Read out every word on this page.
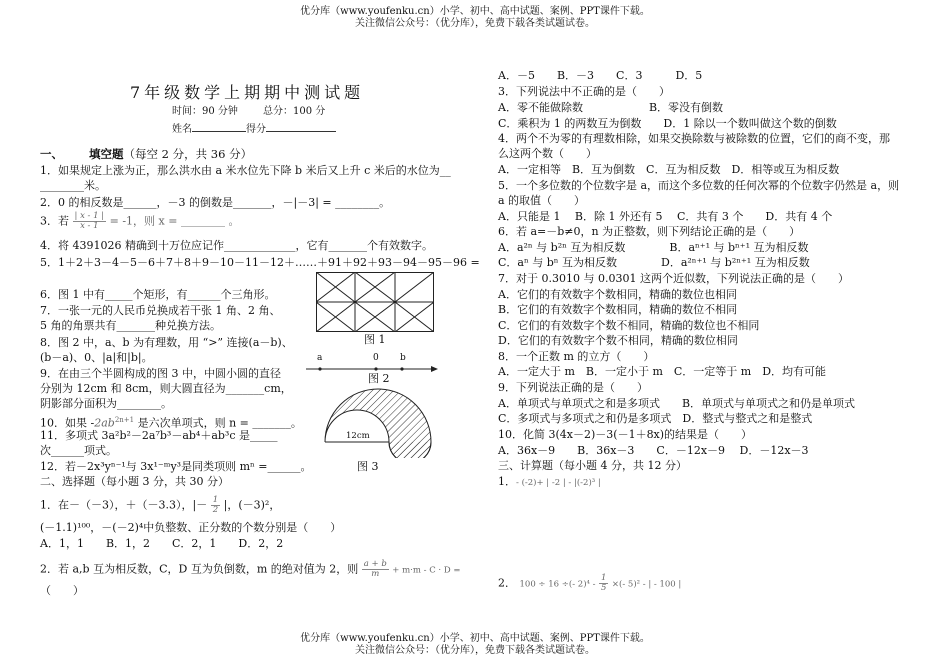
优分库（www.youfenku.cn）小学、初中、高中试题、案例、PPT课件下载。
关注微信公众号：（优分库），免费下载各类试题试卷。
7年级数学上期期中测试题
时间：90 分钟	总分：100 分
姓名	得分
一、 填空题（每空 2 分，共 36 分）
1．如果规定上涨为正，那么洪水由 a 米水位先下降 b 米后又上升 c 米后的水位为__
________米。
2．0 的相反数是______，－3 的倒数是_______，－|－3| = ________。
3．若 $\frac{| x - 1 |}{x - 1} = -1$，则 x = ________ 。
4．将 4391026 精确到十万位应记作_____________，它有_______个有效数字。
5．1＋2＋3－4－5－6＋7＋8＋9－10－11－12＋……＋91＋92＋93－94－95－96 =
6．图 1 中有_____个矩形，有______个三角形。
7．一张一元的人民币兑换成若干张 1 角、2 角、
5 角的角票共有_______种兑换方法。
8．图 2 中，a、b 为有理数，用 “>” 连接(a－b)、
(b－a)、0、|a|和|b|。
9．在由三个半圆构成的图 3 中，中圆小圆的直径
分别为 12cm 和 8cm，则大圆直径为_______cm，
阴影部分面积为________。
10．如果 $-2ab^{2n+1}$ 是六次单项式，则 n = _______。
11．多项式 3a²b²－2a⁷b³－ab⁴＋ab³c 是_____
次______项式。
12．若－2x³yⁿ⁻¹与 3x¹⁻ᵐy³是同类项则 mⁿ =______。
二、选择题（每小题 3 分，共 30 分）
1．在－（－3），＋（－3.3），|－ $\frac{1}{2}$ |，(－3)²，
(－1.1)¹⁰⁰，－(－2)⁴中负整数、正分数的个数分别是（　　）
A．1，1　　B．1，2　　C．2，1　　D．2，2
2．若 a,b 互为相反数，C，D 互为负倒数，m 的绝对值为 2，则 $\frac{a + b}{m} + m\cdot m - C \cdot D$ =
（　　）
图 1
a	0 b
图 2
12cm
图 3
A．－5　　B．－3　　C．3　　　D．5
3．下列说法中不正确的是（　　）
A．零不能做除数　　　　　　B．零没有倒数
C．乘积为 1 的两数互为倒数　　D．1 除以一个数叫做这个数的倒数
4．两个不为零的有理数相除，如果交换除数与被除数的位置，它们的商不变，那
么这两个数（　　）
A．一定相等　B．互为倒数　C．互为相反数　D．相等或互为相反数
5．一个多位数的个位数字是 a，而这个多位数的任何次幂的个位数字仍然是 a，则
a 的取值（　　）
A．只能是 1　 B．除 1 外还有 5　 C．共有 3 个　　D．共有 4 个
6．若 a=－b≠0，n 为正整数，则下列结论正确的是（　　）
A．a²ⁿ 与 b²ⁿ 互为相反数　　　　B．aⁿ⁺¹ 与 bⁿ⁺¹ 互为相反数
C．aⁿ 与 bⁿ 互为相反数　　　　D．a²ⁿ⁺¹ 与 b²ⁿ⁺¹ 互为相反数
7．对于 0.3010 与 0.0301 这两个近似数，下列说法正确的是（　　）
A．它们的有效数字个数相同，精确的数位也相同
B．它们的有效数字个数相同，精确的数位不相同
C．它们的有效数字个数不相同，精确的数位也不相同
D．它们的有效数字个数不相同，精确的数位相同
8．一个正数 m 的立方（　　）
A．一定大于 m　B．一定小于 m　C．一定等于 m　D．均有可能
9．下列说法正确的是（　　）
A．单项式与单项式之和是多项式　　B．单项式与单项式之和仍是单项式
C．多项式与多项式之和仍是多项式　D．整式与整式之和是整式
10．化简 3(4x－2)－3(－1＋8x)的结果是（　　）
A．36x－9　　B．36x－3　　C．－12x－9　 D．－12x－3
三、计算题（每小题 4 分，共 12 分）
1．- (-2)+ | -2 | - |(-2)³ |
2． 100 ÷ 16 ÷(- $2)^4 - \frac{1}{5}$ ×(- 5)² - | - 100 |
优分库（www.youfenku.cn）小学、初中、高中试题、案例、PPT课件下载。
关注微信公众号：（优分库），免费下载各类试题试卷。
